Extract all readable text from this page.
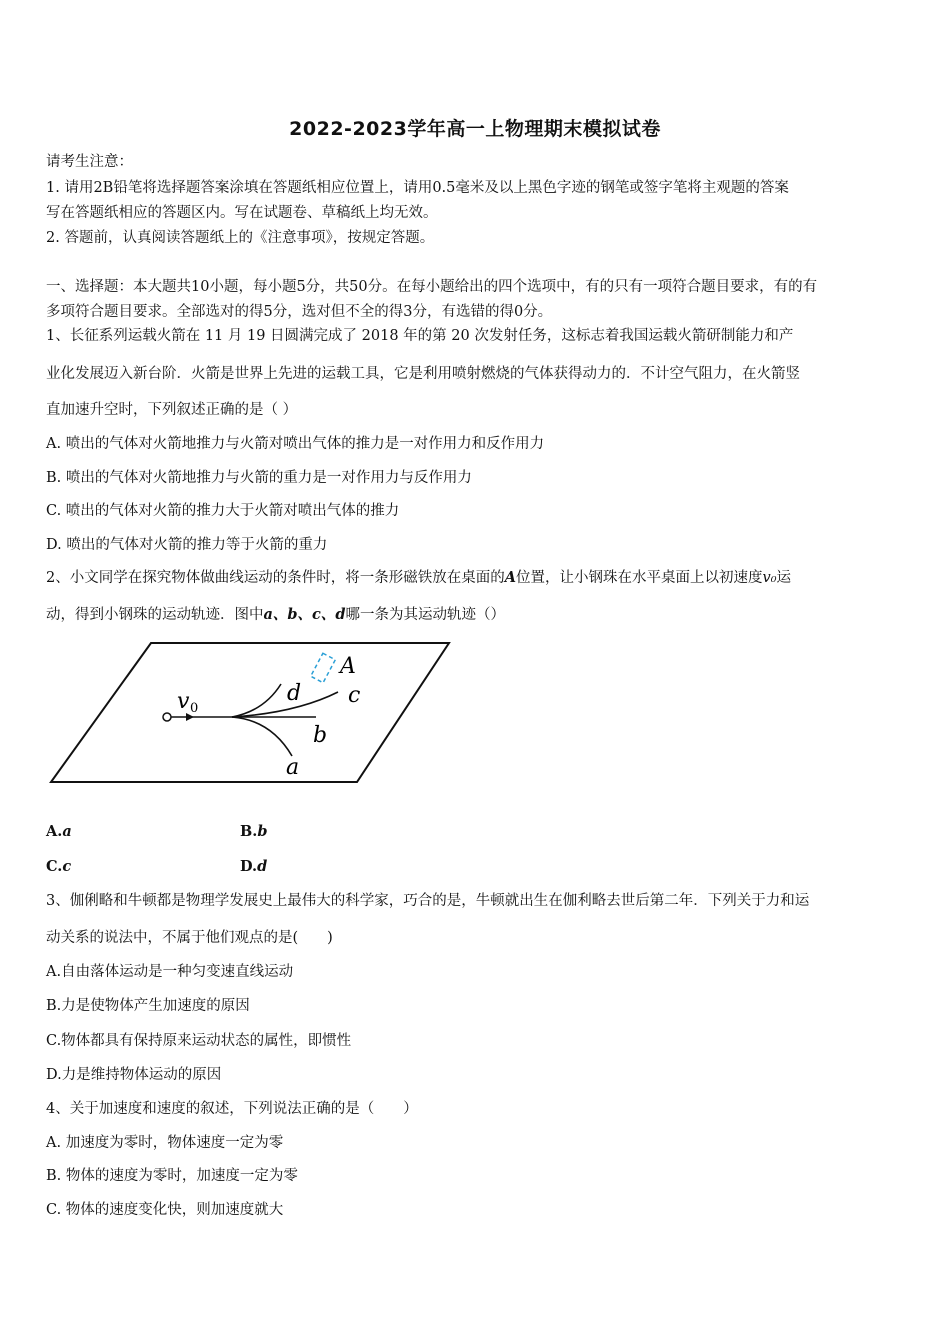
2022-2023学年高一上物理期末模拟试卷
请考生注意：
1. 请用2B铅笔将选择题答案涂填在答题纸相应位置上，请用0.5毫米及以上黑色字迹的钢笔或签字笔将主观题的答案
写在答题纸相应的答题区内。写在试题卷、草稿纸上均无效。
2. 答题前，认真阅读答题纸上的《注意事项》，按规定答题。
一、选择题：本大题共10小题，每小题5分，共50分。在每小题给出的四个选项中，有的只有一项符合题目要求，有的有
多项符合题目要求。全部选对的得5分，选对但不全的得3分，有选错的得0分。
1、长征系列运载火箭在 11 月 19 日圆满完成了 2018 年的第 20 次发射任务，这标志着我国运载火箭研制能力和产
业化发展迈入新台阶．火箭是世界上先进的运载工具，它是利用喷射燃烧的气体获得动力的．不计空气阻力，在火箭竖
直加速升空时，下列叙述正确的是（ ）
A. 喷出的气体对火箭地推力与火箭对喷出气体的推力是一对作用力和反作用力
B. 喷出的气体对火箭地推力与火箭的重力是一对作用力与反作用力
C. 喷出的气体对火箭的推力大于火箭对喷出气体的推力
D. 喷出的气体对火箭的推力等于火箭的重力
2、小文同学在探究物体做曲线运动的条件时，将一条形磁铁放在桌面的A位置，让小钢珠在水平桌面上以初速度v₀运
动，得到小钢珠的运动轨迹．图中a、b、c、d哪一条为其运动轨迹（）
v 0
A
d c
b
a
A.a	B.b
C.c	D.d
3、伽俐略和牛顿都是物理学发展史上最伟大的科学家，巧合的是，牛顿就出生在伽利略去世后第二年．下列关于力和运
动关系的说法中，不属于他们观点的是(　　)
A.自由落体运动是一种匀变速直线运动
B.力是使物体产生加速度的原因
C.物体都具有保持原来运动状态的属性，即惯性
D.力是维持物体运动的原因
4、关于加速度和速度的叙述，下列说法正确的是（　　）
A. 加速度为零时，物体速度一定为零
B. 物体的速度为零时，加速度一定为零
C. 物体的速度变化快，则加速度就大
